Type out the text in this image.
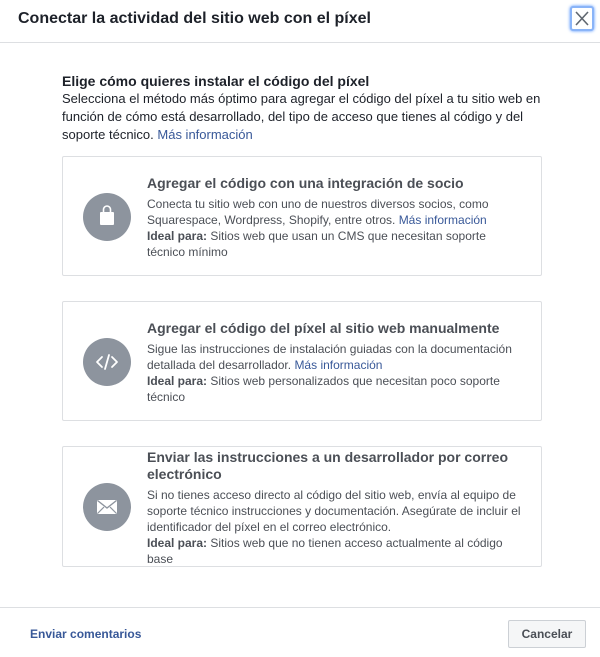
Conectar la actividad del sitio web con el píxel
Elige cómo quieres instalar el código del píxel
Selecciona el método más óptimo para agregar el código del píxel a tu sitio web en función de cómo está desarrollado, del tipo de acceso que tienes al código y del soporte técnico. Más información
Agregar el código con una integración de socio
Conecta tu sitio web con uno de nuestros diversos socios, como Squarespace, Wordpress, Shopify, entre otros. Más información
Ideal para: Sitios web que usan un CMS que necesitan soporte técnico mínimo
Agregar el código del píxel al sitio web manualmente
Sigue las instrucciones de instalación guiadas con la documentación detallada del desarrollador. Más información
Ideal para: Sitios web personalizados que necesitan poco soporte técnico
Enviar las instrucciones a un desarrollador por correo electrónico
Si no tienes acceso directo al código del sitio web, envía al equipo de soporte técnico instrucciones y documentación. Asegúrate de incluir el identificador del píxel en el correo electrónico.
Ideal para: Sitios web que no tienen acceso actualmente al código base
Enviar comentarios	Cancelar
